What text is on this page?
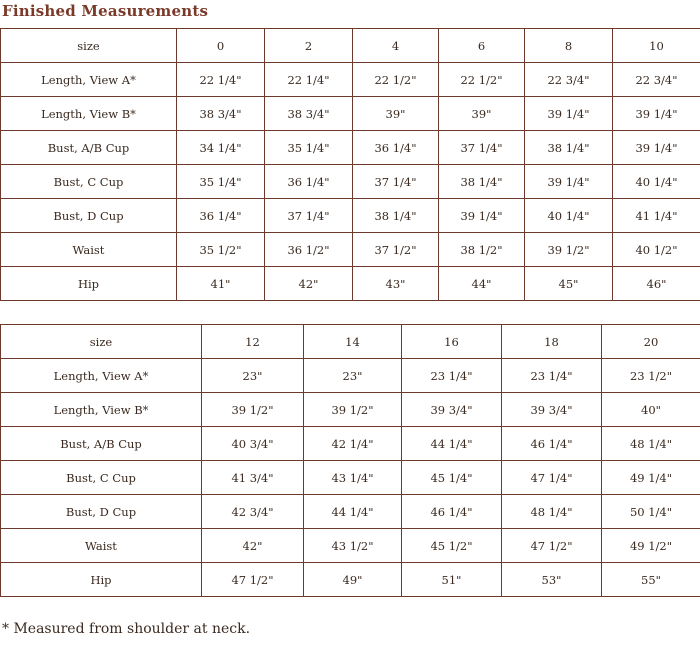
Finished Measurements
size	0	2	4	6	8	10
Length, View A*	22 1/4"	22 1/4"	22 1/2"	22 1/2"	22 3/4"	22 3/4"
Length, View B*	38 3/4"	38 3/4"	39"	39"	39 1/4"	39 1/4"
Bust, A/B Cup	34 1/4"	35 1/4"	36 1/4"	37 1/4"	38 1/4"	39 1/4"
Bust, C Cup	35 1/4"	36 1/4"	37 1/4"	38 1/4"	39 1/4"	40 1/4"
Bust, D Cup	36 1/4"	37 1/4"	38 1/4"	39 1/4"	40 1/4"	41 1/4"
Waist	35 1/2"	36 1/2"	37 1/2"	38 1/2"	39 1/2"	40 1/2"
Hip	41"	42"	43"	44"	45"	46"
size	12	14	16	18	20
Length, View A*	23"	23"	23 1/4"	23 1/4"	23 1/2"
Length, View B*	39 1/2"	39 1/2"	39 3/4"	39 3/4"	40"
Bust, A/B Cup	40 3/4"	42 1/4"	44 1/4"	46 1/4"	48 1/4"
Bust, C Cup	41 3/4"	43 1/4"	45 1/4"	47 1/4"	49 1/4"
Bust, D Cup	42 3/4"	44 1/4"	46 1/4"	48 1/4"	50 1/4"
Waist	42"	43 1/2"	45 1/2"	47 1/2"	49 1/2"
Hip	47 1/2"	49"	51"	53"	55"
* Measured from shoulder at neck.
